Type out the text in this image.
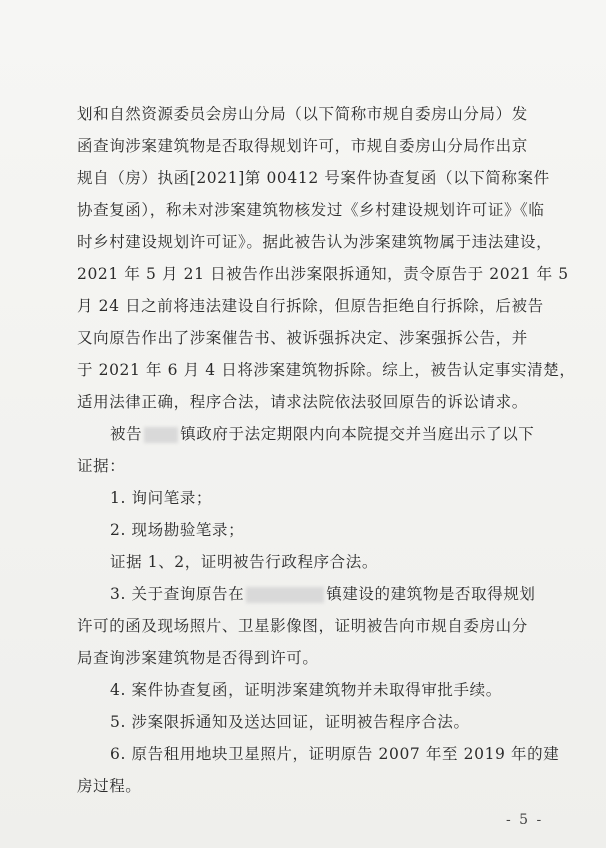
划和自然资源委员会房山分局（以下简称市规自委房山分局）发
函查询涉案建筑物是否取得规划许可，市规自委房山分局作出京
规自（房）执函[2021]第 00412 号案件协查复函（以下简称案件
协查复函），称未对涉案建筑物核发过《乡村建设规划许可证》《临
时乡村建设规划许可证》。据此被告认为涉案建筑物属于违法建设，
2021 年 5 月 21 日被告作出涉案限拆通知，责令原告于 2021 年 5
月 24 日之前将违法建设自行拆除，但原告拒绝自行拆除，后被告
又向原告作出了涉案催告书、被诉强拆决定、涉案强拆公告，并
于 2021 年 6 月 4 日将涉案建筑物拆除。综上，被告认定事实清楚，
适用法律正确，程序合法，请求法院依法驳回原告的诉讼请求。
被告 镇政府于法定期限内向本院提交并当庭出示了以下
证据：
1. 询问笔录；
2. 现场勘验笔录；
证据 1、2，证明被告行政程序合法。
3. 关于查询原告在	镇建设的建筑物是否取得规划
许可的函及现场照片、卫星影像图，证明被告向市规自委房山分
局查询涉案建筑物是否得到许可。
4. 案件协查复函，证明涉案建筑物并未取得审批手续。
5. 涉案限拆通知及送达回证，证明被告程序合法。
6. 原告租用地块卫星照片，证明原告 2007 年至 2019 年的建
房过程。
- 5 -
